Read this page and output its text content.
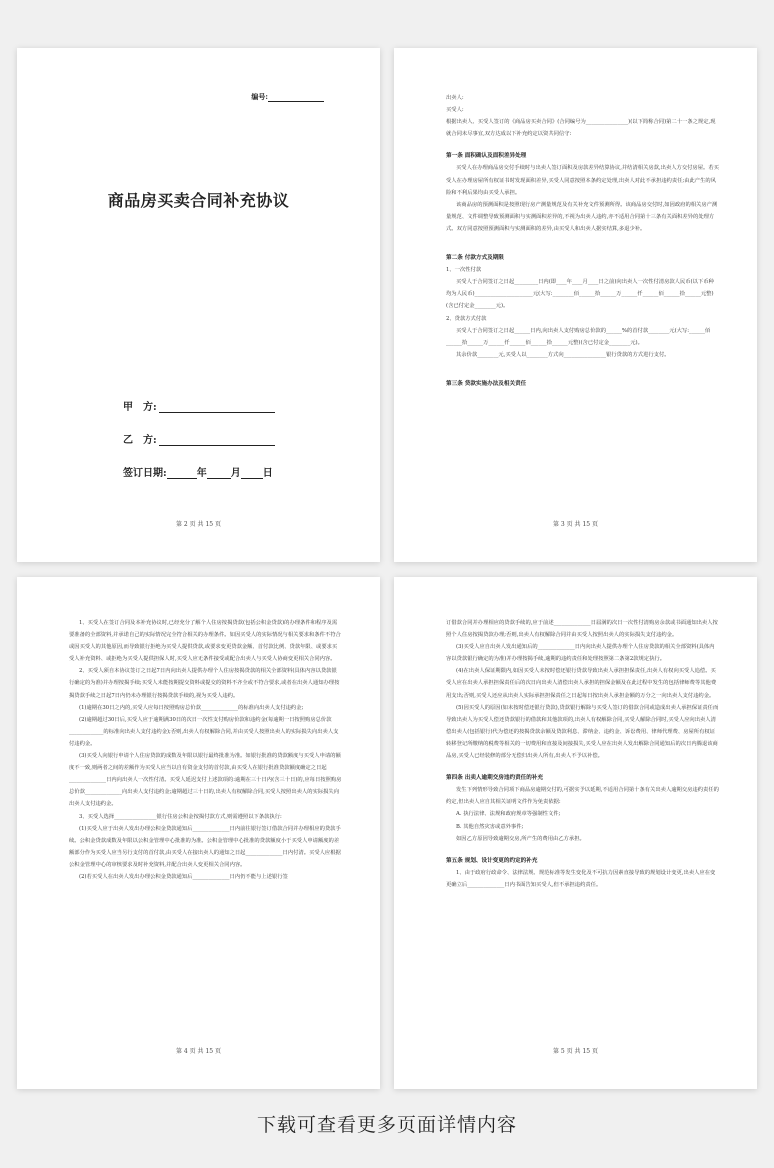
编号:
商品房买卖合同补充协议
甲　方:
乙　方:
签订日期:	年 月 日
第 2 页 共 15 页

出卖人:

买受人:

根据出卖人、买受人签订的《商品房买卖合同》(合同编号为________________)(以下简称合同)第二十一条之规定,现就合同未尽事宜,双方达成以下补充约定以资共同信守:

第一条 面积确认及面积差异处理

买受人在办理商品房交付手续时与出卖人签订面积及房款差异结算协议,并结清相关房款,出卖人方交付房屋。若买受人在办理房屋所有权证书时发现面积差异,买受人同意按照本条约定处理,出卖人对此不承担违约责任;由此产生的风险和不利后果均由买受人承担。

该商品房的预测面积是按照现行房产测量规范及有关补充文件预测所得。该商品房交付时,如因政府的相关房产测量规范、文件调整导致预测面积与实测面积差异的,不视为出卖人违约,亦不适用合同第十三条有关面积差异的处理方式。双方同意按照预测面积与实测面积的差异,由买受人和出卖人据实结算,多退少补。

第二条 付款方式及期限

1、一次性付款

买受人于合同签订之日起_________日内(即____年____月____日之前)向出卖人一次性付清房款人民币(以下币种均为人民币)______________________元(大写:________佰______拾______万______仟______佰______拾______元整)(含已付定金________元)。

2、贷款方式付款

买受人于合同签订之日起______日内,向出卖人支付购房总价款的______%的首付款________元(大写:______佰______拾______万______仟______佰______拾______元整)(含已付定金________元)。

其余价款________元,买受人以________方式向________________银行贷款的方式进行支付。

第三条 贷款实施办法及相关责任
第 3 页 共 15 页

1、买受人在签订合同及本补充协议时,已经充分了解个人住房按揭贷款(包括公积金贷款)的办理条件和程序及需要准备的全部资料,并承诺自己的实际情况完全符合相关的办理条件。如因买受人的实际情况与相关要求和条件不符合或因买受人的其他原因,而导致银行拒绝为买受人提供贷款,或要求变更贷款金额、首付款比例、贷款年限、或要求买受人补充资料、或拒绝为买受人提供担保人时,买受人应无条件接受或配合出卖人与买受人协商变更相关合同内容。

2、买受人须自本协议签订之日起7日内向出卖人提供办理个人住房按揭贷款的相关全部资料(具体内容以贷款银行确定的为准)并办理按揭手续;买受人未能按期提交资料或提交的资料不齐全或不符合要求,或者在出卖人通知办理按揭贷款手续之日起7日内仍未办理银行按揭贷款手续的,视为买受人违约。

(1)逾期在30日之内的,买受人应每日按照购房总价款______________的标准向出卖人支付违约金;

(2)逾期超过30日后,买受人应于逾期满30日的次日一次性支付购房价款和违约金(每逾期一日按照购房总价款_____________的标准向出卖人支付违约金);否则,出卖人有权解除合同,并由买受人按照出卖人的实际损失向出卖人支付违约金。

(3)买受人向银行申请个人住房贷款的成数及年限以银行最终批准为准。如银行批准的贷款额度与买受人申请的额度不一致,则两者之间的差额作为买受人应当以自有资金支付的首付款,由买受人在银行批准贷款额度确定之日起______________日内向出卖人一次性付清。买受人延迟支付上述款项的:逾期在三十日内(含三十日)的,应每日按照购房总价款______________向出卖人支付违约金;逾期超过三十日的,出卖人有权解除合同,买受人按照出卖人的实际损失向出卖人支付违约金。

3、买受人选择________________银行住房公积金按揭付款方式,则需遵照以下条款执行:

(1)买受人应于出卖人发出办理公积金贷款通知后______________日内前往银行签订借款合同并办理相应的贷款手续。公积金贷款成数及年限以公积金管理中心批准的为准。公积金管理中心批准的贷款额度小于买受人申请额度的差额部分作为买受人应当另行支付的首付款,由买受人在接出卖人的通知之日起______________日内付清。买受人应根据公积金管理中心的审核要求及时补充资料,并配合出卖人变更相关合同内容。

(2)若买受人在出卖人发出办理公积金贷款通知后______________日内仍不能与上述银行签

第 4 页 共 15 页

订借款合同并办理相应的贷款手续的,应于前述______________日届满的次日一次性付清购房余款或书面通知出卖人按照个人住房按揭贷款办理;否则,出卖人有权解除合同并由买受人按照出卖人的实际损失支付违约金。

(3)买受人应自出卖人发出通知后的______________日内向出卖人提供办理个人住房贷款的相关全部资料(具体内容以贷款银行确定的为准)并办理按揭手续,逾期的违约责任和处理按照第二条第2款规定执行。

(4)在出卖人保证期限内,如因买受人未按时偿还银行贷款导致出卖人承担担保责任,出卖人有权向买受人追偿。买受人应在出卖人承担担保责任后的次日向出卖人清偿出卖人承担的担保金额及在此过程中发生的包括律师费等其他费用支出;否则,买受人还应从出卖人实际承担担保责任之日起每日按出卖人承担金额的万分之一向出卖人支付违约金。

(5)因买受人的原因(如未按时偿还银行贷款),贷款银行解除与买受人签订的借款合同或造成出卖人承担保证责任而导致出卖人为买受人偿还贷款银行的借款和其他款项的,出卖人有权解除合同,买受人解除合同时,买受人应向出卖人清偿出卖人(包括银行)代为偿还的按揭贷款余额及贷款利息、滞纳金、违约金、诉讼费用、律师代理费、房屋所有权证转移登记所缴纳的税费等相关的一切费用和直接及间接损失,买受人应在出卖人发出解除合同通知后的次日内腾退该商品房,买受人已经装修的部分无偿归出卖人所有,出卖人不予以补偿。

第四条 出卖人逾期交房违约责任的补充

发生下列情形导致合同项下商品房逾期交付的,可据实予以延期,不适用合同第十条有关出卖人逾期交房违约责任的约定,但出卖人应自其相关证明文件作为免责依据:

A. 执行法律、法规和政府规章等强制性文件;

B. 其他自然灾害或意外事件;

如因乙方原因导致逾期交房,所产生的费用由乙方承担。

第五条 规划、设计变更的约定的补充

1、由于政府行政命令、法律法规、规范标准等发生变化及不可抗力因素直接导致的规划设计变更,出卖人应在变更确立后______________日内书面告知买受人,但不承担违约责任。

第 5 页 共 15 页
下载可查看更多页面详情内容
